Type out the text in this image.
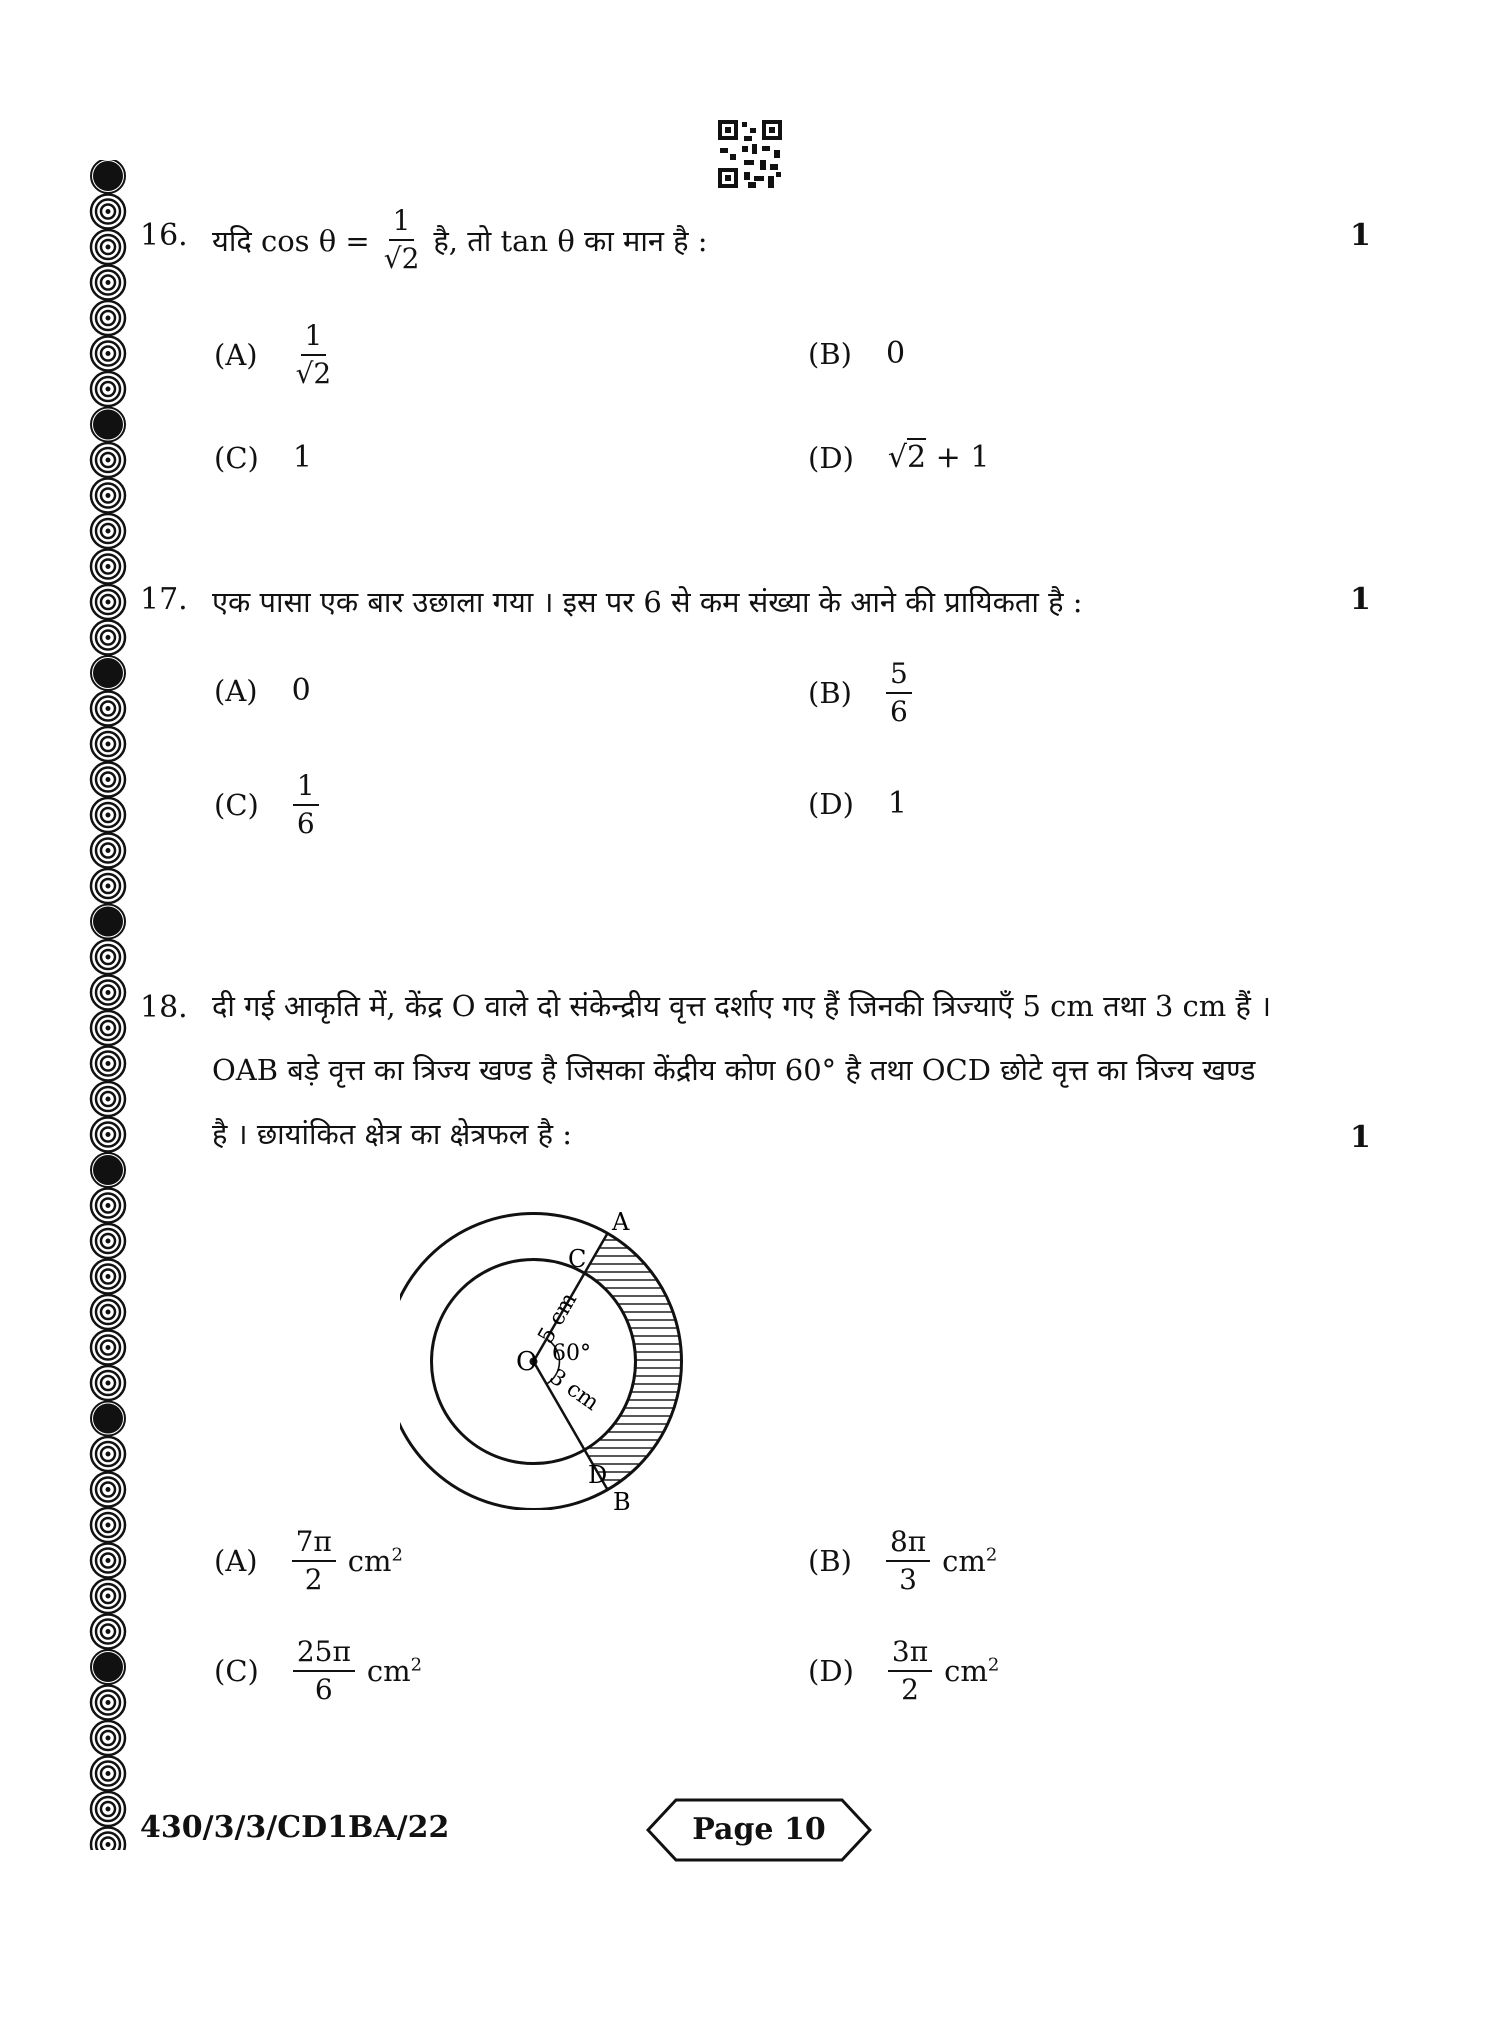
16. यदि $\cos \theta = \frac{1}{√2}$ है, तो tan θ का मान है :	1
$(A) \frac{1}{√2}$	(B) 0
(C) 1	(D) √2 + 1
17. एक पासा एक बार उछाला गया । इस पर 6 से कम संख्या के आने की प्रायिकता है :	1
(A) 0	$(B) \frac{5}{6}$
$(C) \frac{1}{6}$	(D) 1
18. दी गई आकृति में, केंद्र O वाले दो संकेन्द्रीय वृत्त दर्शाए गए हैं जिनकी त्रिज्याएँ 5 cm तथा 3 cm हैं ।
OAB बड़े वृत्त का त्रिज्य खण्ड है जिसका केंद्रीय कोण 60° है तथा OCD छोटे वृत्त का त्रिज्य खण्ड
है । छायांकित क्षेत्र का क्षेत्रफल है :	1
O
A
B
C
D
60°
5 cm
3 cm
$(A) \frac{7\pi}{2} cm^2$	$(B) \frac{8\pi}{3} cm^2$
$(C) \frac{25\pi}{6} cm^2$	$(D) \frac{3\pi}{2} cm^2$
430/3/3/CD1BA/22	Page 10
